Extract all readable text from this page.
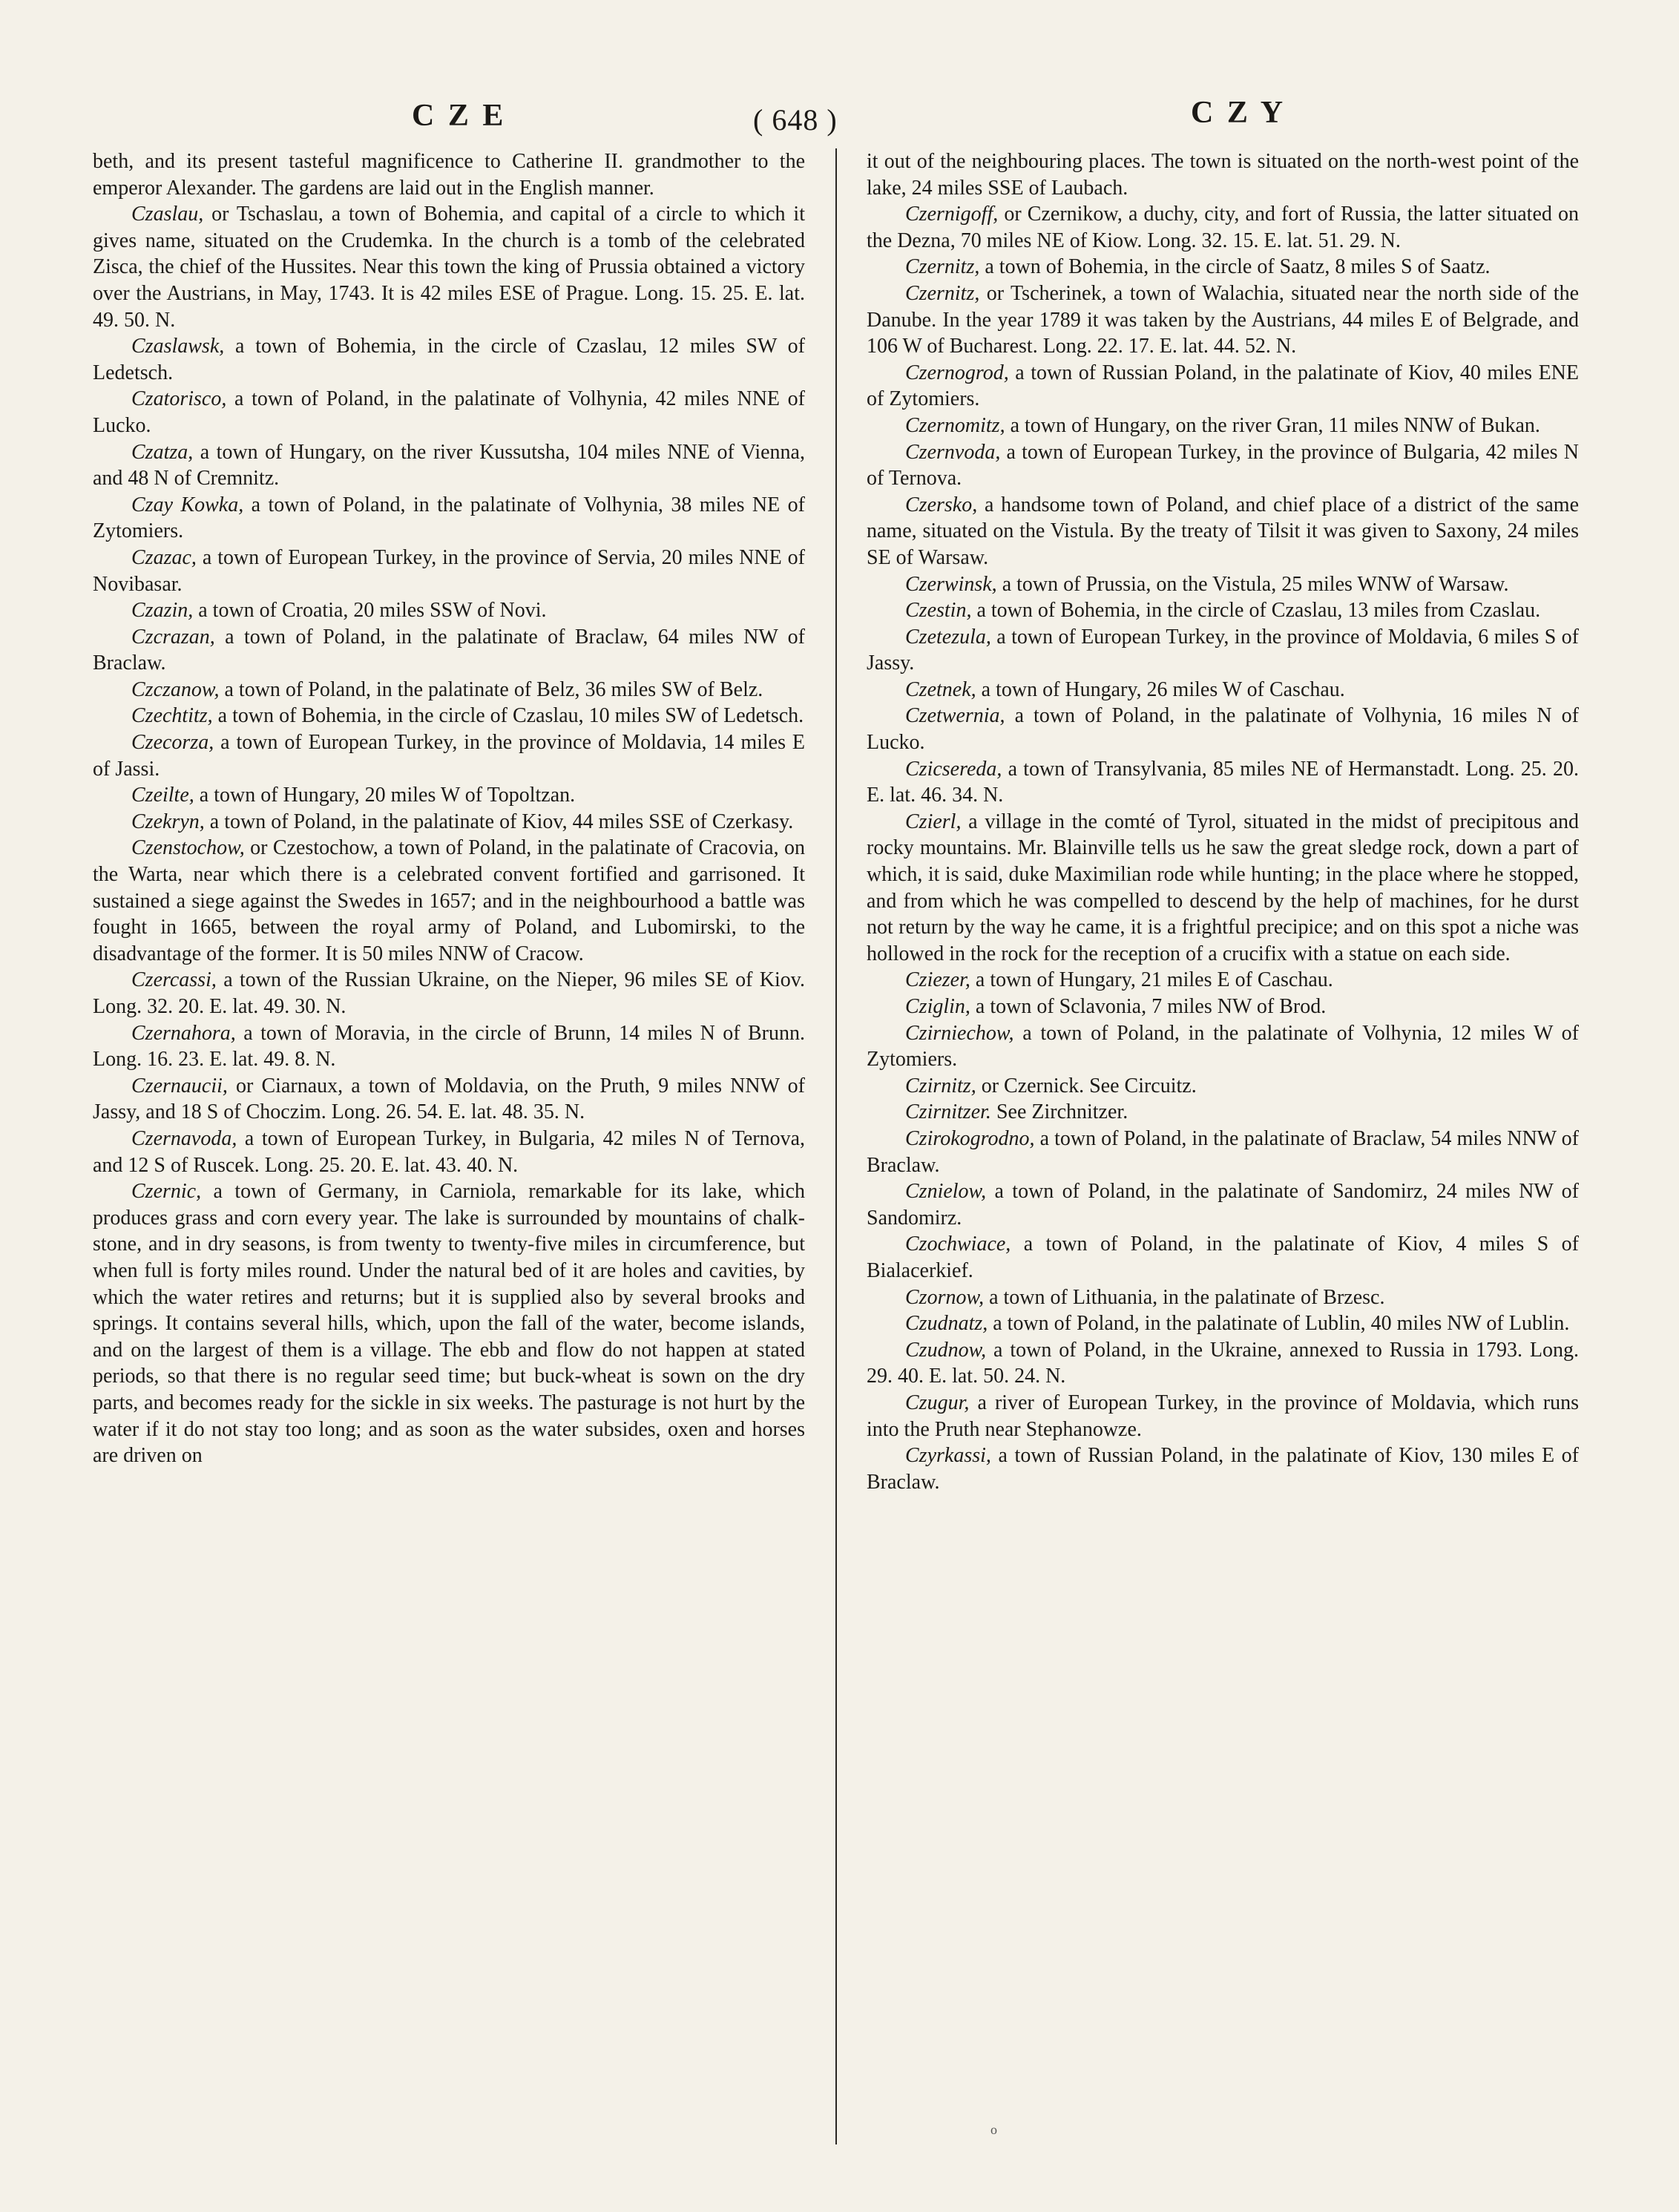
C Z E	( 648 )	C Z Y

beth, and its present tasteful magnificence to Catherine II. grandmother to the emperor Alexander. The gardens are laid out in the English manner.

Czaslau, or Tschaslau, a town of Bohemia, and capital of a circle to which it gives name, situated on the Crudemka. In the church is a tomb of the celebrated Zisca, the chief of the Hussites. Near this town the king of Prussia obtained a victory over the Austrians, in May, 1743. It is 42 miles ESE of Prague. Long. 15. 25. E. lat. 49. 50. N.

Czaslawsk, a town of Bohemia, in the circle of Czaslau, 12 miles SW of Ledetsch.

Czatorisco, a town of Poland, in the palatinate of Volhynia, 42 miles NNE of Lucko.

Czatza, a town of Hungary, on the river Kussutsha, 104 miles NNE of Vienna, and 48 N of Cremnitz.

Czay Kowka, a town of Poland, in the palatinate of Volhynia, 38 miles NE of Zytomiers.

Czazac, a town of European Turkey, in the province of Servia, 20 miles NNE of Novibasar.

Czazin, a town of Croatia, 20 miles SSW of Novi.

Czcrazan, a town of Poland, in the palatinate of Braclaw, 64 miles NW of Braclaw.

Czczanow, a town of Poland, in the palatinate of Belz, 36 miles SW of Belz.

Czechtitz, a town of Bohemia, in the circle of Czaslau, 10 miles SW of Ledetsch.

Czecorza, a town of European Turkey, in the province of Moldavia, 14 miles E of Jassi.

Czeilte, a town of Hungary, 20 miles W of Topoltzan.

Czekryn, a town of Poland, in the palatinate of Kiov, 44 miles SSE of Czerkasy.

Czenstochow, or Czestochow, a town of Poland, in the palatinate of Cracovia, on the Warta, near which there is a celebrated convent fortified and garrisoned. It sustained a siege against the Swedes in 1657; and in the neighbourhood a battle was fought in 1665, between the royal army of Poland, and Lubomirski, to the disadvantage of the former. It is 50 miles NNW of Cracow.

Czercassi, a town of the Russian Ukraine, on the Nieper, 96 miles SE of Kiov. Long. 32. 20. E. lat. 49. 30. N.

Czernahora, a town of Moravia, in the circle of Brunn, 14 miles N of Brunn. Long. 16. 23. E. lat. 49. 8. N.

Czernaucii, or Ciarnaux, a town of Moldavia, on the Pruth, 9 miles NNW of Jassy, and 18 S of Choczim. Long. 26. 54. E. lat. 48. 35. N.

Czernavoda, a town of European Turkey, in Bulgaria, 42 miles N of Ternova, and 12 S of Ruscek. Long. 25. 20. E. lat. 43. 40. N.

Czernic, a town of Germany, in Carniola, remarkable for its lake, which produces grass and corn every year. The lake is surrounded by mountains of chalk-stone, and in dry seasons, is from twenty to twenty-five miles in circumference, but when full is forty miles round. Under the natural bed of it are holes and cavities, by which the water retires and returns; but it is supplied also by several brooks and springs. It contains several hills, which, upon the fall of the water, become islands, and on the largest of them is a village. The ebb and flow do not happen at stated periods, so that there is no regular seed time; but buck-wheat is sown on the dry parts, and becomes ready for the sickle in six weeks. The pasturage is not hurt by the water if it do not stay too long; and as soon as the water subsides, oxen and horses are driven on

it out of the neighbouring places. The town is situated on the north-west point of the lake, 24 miles SSE of Laubach.

Czernigoff, or Czernikow, a duchy, city, and fort of Russia, the latter situated on the Dezna, 70 miles NE of Kiow. Long. 32. 15. E. lat. 51. 29. N.

Czernitz, a town of Bohemia, in the circle of Saatz, 8 miles S of Saatz.

Czernitz, or Tscherinek, a town of Walachia, situated near the north side of the Danube. In the year 1789 it was taken by the Austrians, 44 miles E of Belgrade, and 106 W of Bucharest. Long. 22. 17. E. lat. 44. 52. N.

Czernogrod, a town of Russian Poland, in the palatinate of Kiov, 40 miles ENE of Zytomiers.

Czernomitz, a town of Hungary, on the river Gran, 11 miles NNW of Bukan.

Czernvoda, a town of European Turkey, in the province of Bulgaria, 42 miles N of Ternova.

Czersko, a handsome town of Poland, and chief place of a district of the same name, situated on the Vistula. By the treaty of Tilsit it was given to Saxony, 24 miles SE of Warsaw.

Czerwinsk, a town of Prussia, on the Vistula, 25 miles WNW of Warsaw.

Czestin, a town of Bohemia, in the circle of Czaslau, 13 miles from Czaslau.

Czetezula, a town of European Turkey, in the province of Moldavia, 6 miles S of Jassy.

Czetnek, a town of Hungary, 26 miles W of Caschau.

Czetwernia, a town of Poland, in the palatinate of Volhynia, 16 miles N of Lucko.

Czicsereda, a town of Transylvania, 85 miles NE of Hermanstadt. Long. 25. 20. E. lat. 46. 34. N.

Czierl, a village in the comté of Tyrol, situated in the midst of precipitous and rocky mountains. Mr. Blainville tells us he saw the great sledge rock, down a part of which, it is said, duke Maximilian rode while hunting; in the place where he stopped, and from which he was compelled to descend by the help of machines, for he durst not return by the way he came, it is a frightful precipice; and on this spot a niche was hollowed in the rock for the reception of a crucifix with a statue on each side.

Cziezer, a town of Hungary, 21 miles E of Caschau.

Cziglin, a town of Sclavonia, 7 miles NW of Brod.

Czirniechow, a town of Poland, in the palatinate of Volhynia, 12 miles W of Zytomiers.

Czirnitz, or Czernick. See Circuitz.

Czirnitzer. See Zirchnitzer.

Czirokogrodno, a town of Poland, in the palatinate of Braclaw, 54 miles NNW of Braclaw.

Cznielow, a town of Poland, in the palatinate of Sandomirz, 24 miles NW of Sandomirz.

Czochwiace, a town of Poland, in the palatinate of Kiov, 4 miles S of Bialacerkief.

Czornow, a town of Lithuania, in the palatinate of Brzesc.

Czudnatz, a town of Poland, in the palatinate of Lublin, 40 miles NW of Lublin.

Czudnow, a town of Poland, in the Ukraine, annexed to Russia in 1793. Long. 29. 40. E. lat. 50. 24. N.

Czugur, a river of European Turkey, in the province of Moldavia, which runs into the Pruth near Stephanowze.

Czyrkassi, a town of Russian Poland, in the palatinate of Kiov, 130 miles E of Braclaw.

o
